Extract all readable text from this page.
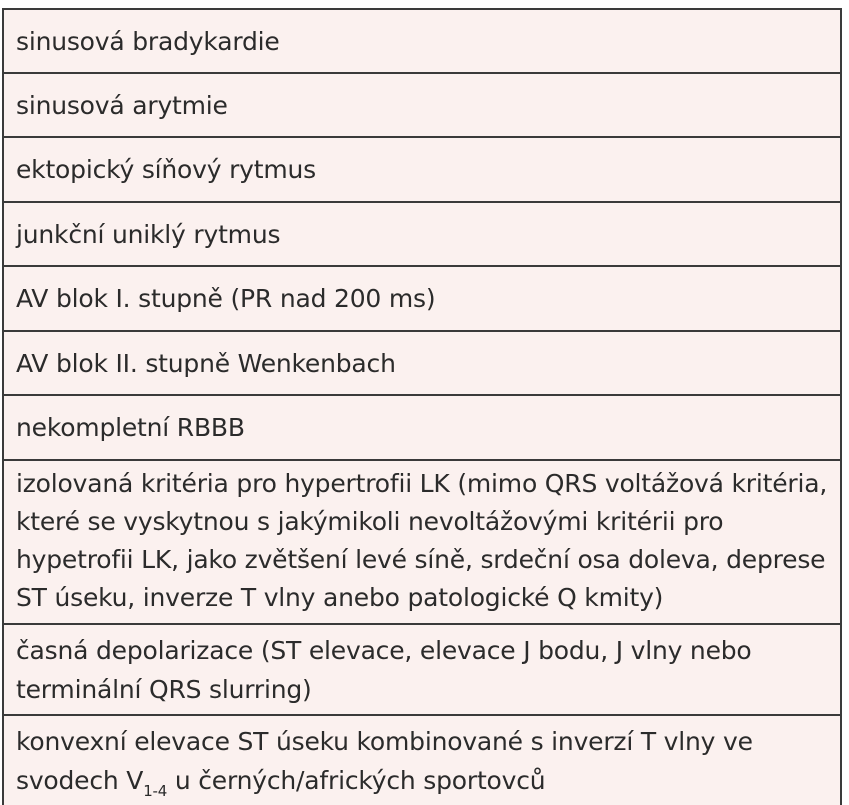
sinusová bradykardie
sinusová arytmie
ektopický síňový rytmus
junkční uniklý rytmus
AV blok I. stupně (PR nad 200 ms)
AV blok II. stupně Wenkenbach
nekompletní RBBB
izolovaná kritéria pro hypertrofii LK (mimo QRS voltážová kritéria, které se vyskytnou s jakýmikoli nevoltážovými kritérii pro hypetrofii LK, jako zvětšení levé síně, srdeční osa doleva, deprese ST úseku, inverze T vlny anebo patologické Q kmity)
časná depolarizace (ST elevace, elevace J bodu, J vlny nebo terminální QRS slurring)
konvexní elevace ST úseku kombinované s inverzí T vlny ve svodech $V_{1-4}$ u černých/afrických sportovců
